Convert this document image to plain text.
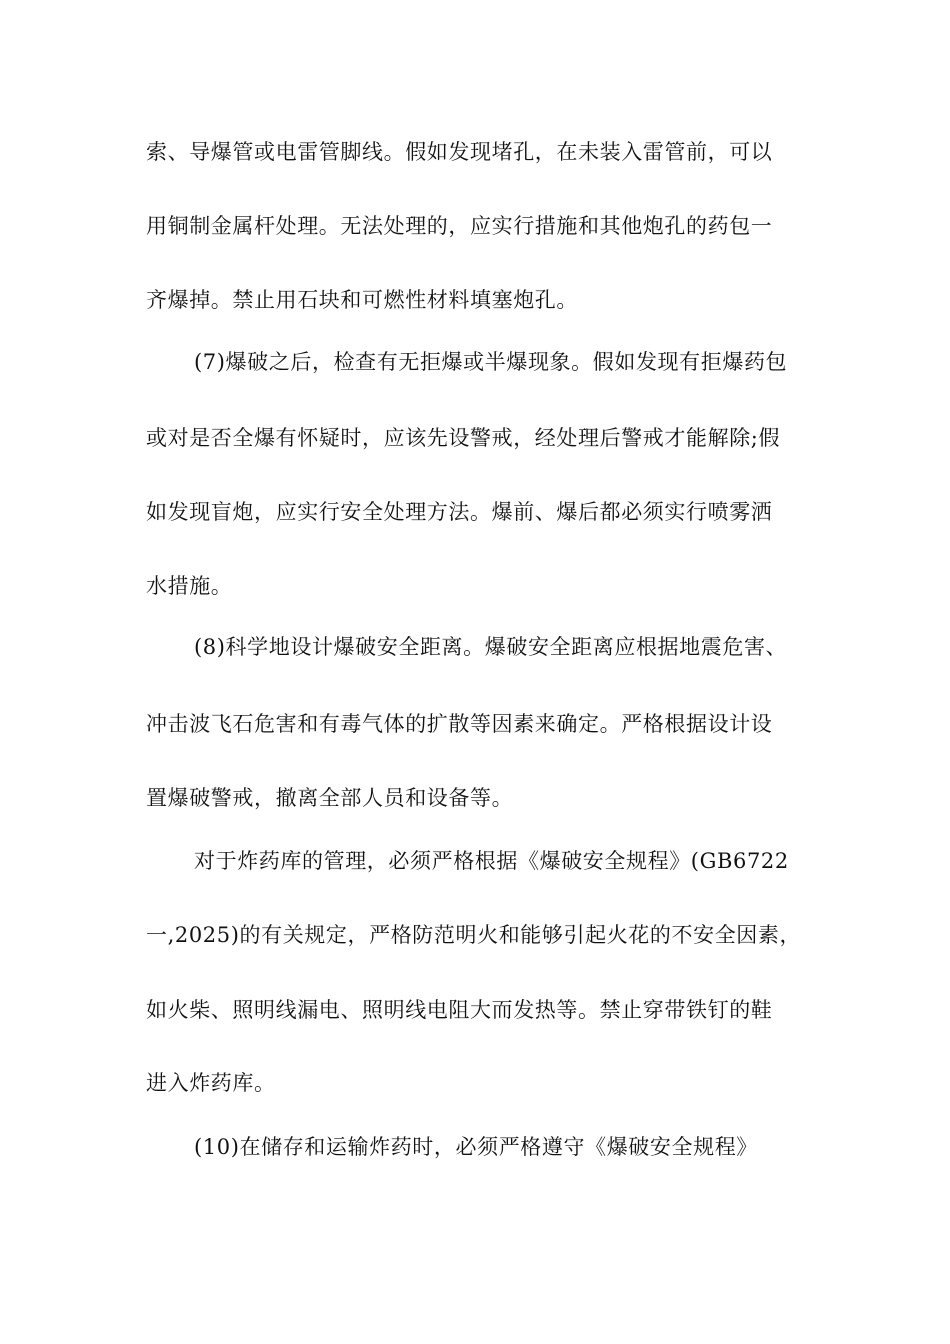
索、导爆管或电雷管脚线。假如发现堵孔，在未装入雷管前，可以
用铜制金属杆处理。无法处理的，应实行措施和其他炮孔的药包一
齐爆掉。禁止用石块和可燃性材料填塞炮孔。
(7)爆破之后，检查有无拒爆或半爆现象。假如发现有拒爆药包
或对是否全爆有怀疑时，应该先设警戒，经处理后警戒才能解除;假
如发现盲炮，应实行安全处理方法。爆前、爆后都必须实行喷雾洒
水措施。
(8)科学地设计爆破安全距离。爆破安全距离应根据地震危害、
冲击波飞石危害和有毒气体的扩散等因素来确定。严格根据设计设
置爆破警戒，撤离全部人员和设备等。
对于炸药库的管理，必须严格根据《爆破安全规程》(GB6722
一,2025)的有关规定，严格防范明火和能够引起火花的不安全因素，
如火柴、照明线漏电、照明线电阻大而发热等。禁止穿带铁钉的鞋
进入炸药库。
(10)在储存和运输炸药时，必须严格遵守《爆破安全规程》
